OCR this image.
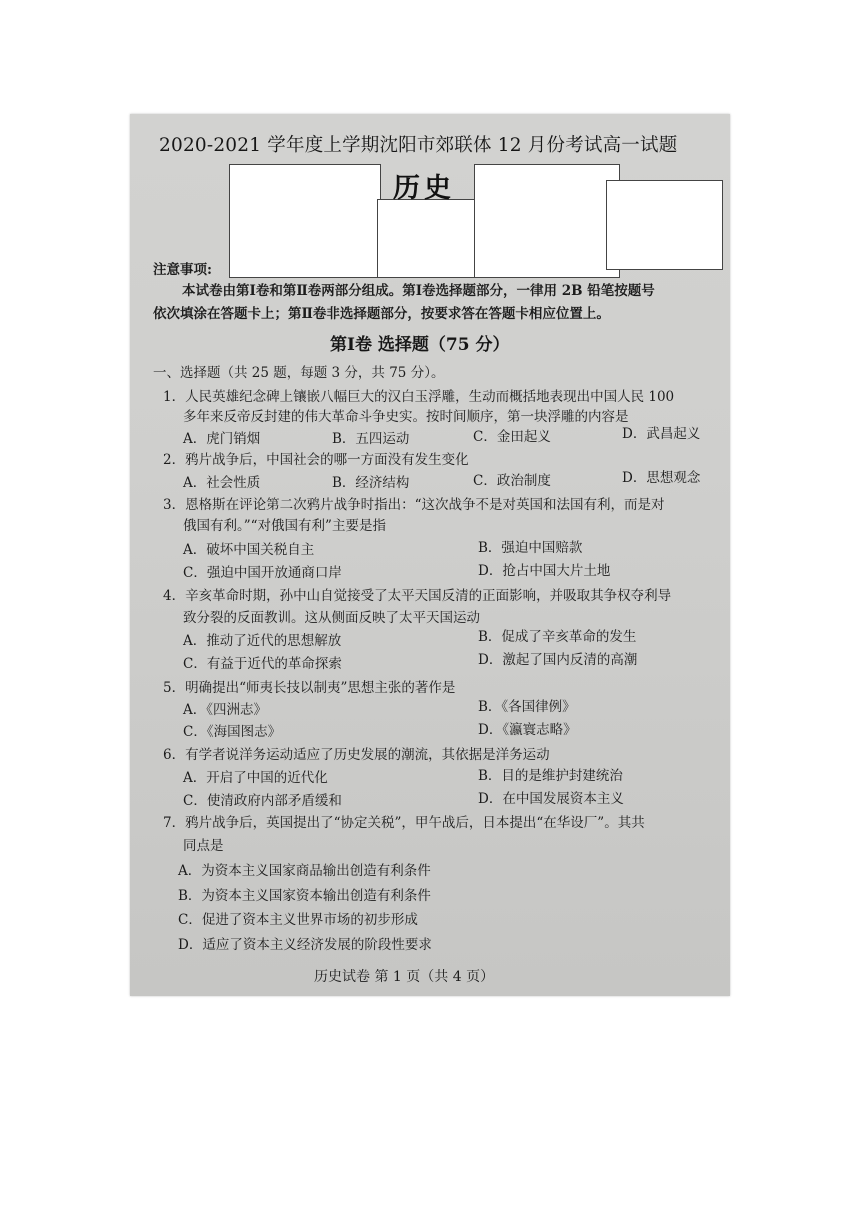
2020-2021 学年度上学期沈阳市郊联体 12 月份考试高一试题
历史
注意事项:
本试卷由第Ⅰ卷和第Ⅱ卷两部分组成。第Ⅰ卷选择题部分，一律用 2B 铅笔按题号
依次填涂在答题卡上；第Ⅱ卷非选择题部分，按要求答在答题卡相应位置上。
第Ⅰ卷 选择题（75 分）
一、选择题（共 25 题，每题 3 分，共 75 分）。
1．人民英雄纪念碑上镶嵌八幅巨大的汉白玉浮雕，生动而概括地表现出中国人民 100
多年来反帝反封建的伟大革命斗争史实。按时间顺序，第一块浮雕的内容是
A．虎门销烟	B．五四运动	C．金田起义	D．武昌起义
2．鸦片战争后，中国社会的哪一方面没有发生变化
A．社会性质	B．经济结构	C．政治制度	D．思想观念
3．恩格斯在评论第二次鸦片战争时指出：“这次战争不是对英国和法国有利，而是对
俄国有利。”“对俄国有利”主要是指
A．破坏中国关税自主	B．强迫中国赔款
C．强迫中国开放通商口岸	D．抢占中国大片土地
4．辛亥革命时期，孙中山自觉接受了太平天国反清的正面影响，并吸取其争权夺利导
致分裂的反面教训。这从侧面反映了太平天国运动
A．推动了近代的思想解放	B．促成了辛亥革命的发生
C．有益于近代的革命探索	D．激起了国内反清的高潮
5．明确提出“师夷长技以制夷”思想主张的著作是
A．《四洲志》	B．《各国律例》
C．《海国图志》	D．《瀛寰志略》
6．有学者说洋务运动适应了历史发展的潮流，其依据是洋务运动
A．开启了中国的近代化	B．目的是维护封建统治
C．使清政府内部矛盾缓和	D．在中国发展资本主义
7．鸦片战争后，英国提出了“协定关税”，甲午战后，日本提出“在华设厂”。其共
同点是
A．为资本主义国家商品输出创造有利条件
B．为资本主义国家资本输出创造有利条件
C．促进了资本主义世界市场的初步形成
D．适应了资本主义经济发展的阶段性要求
历史试卷 第 1 页（共 4 页）
